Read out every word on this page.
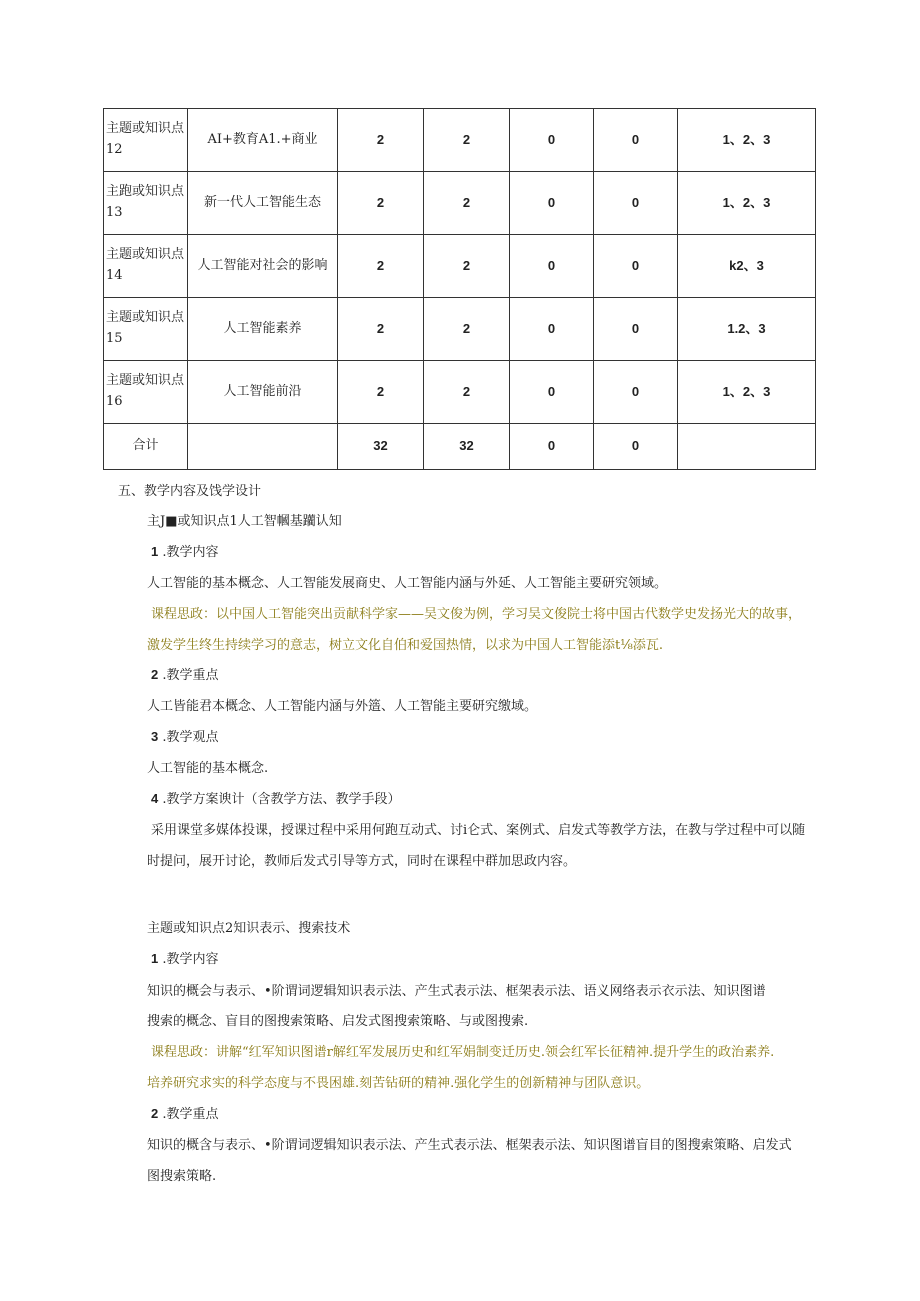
主题或知识点12	AI+教育A1.+商业	2	2	0	0	1、2、3
主跑或知识点13	新一代人工智能生态	2	2	0	0	1、2、3
主题或知识点14	人工智能对社会的影响	2	2	0	0	k2、3
主题或知识点15	人工智能素养	2	2	0	0	1.2、3
主题或知识点16	人工智能前沿	2	2	0	0	1、2、3
合计		32	32	0	0	
五、教学内容及饯学设计
主J■或知识点1人工智幗基躪认知
1 .教学内容
人工智能的基本概念、人工智能发展商史、人工智能内涵与外延、人工智能主要研究领域。
课程思政：以中国人工智能突出贡献科学家——吴文俊为例，学习吴文俊院士将中国古代数学史发扬光大的故事，
激发学生终生持续学习的意志，树立文化自伯和爱国热情，以求为中国人工智能添t⅛添瓦.
2 .教学重点
人工皆能君本概念、人工智能内涵与外簉、人工智能主要研究缴域。
3 .教学观点
人工智能的基本概念.
4 .教学方案谀计（含教学方法、教学手段）
采用课堂多媒体投课，授课过程中采用何跑互动式、讨i仑式、案例式、启发式等教学方法，在教与学过程中可以随
时提问，展开讨论，教师后发式引导等方式，同时在课程中群加思政内容。
主题或知识点2知识表示、搜索技术
1 .教学内容
知识的概会与表示、•阶谓词逻辑知识表示法、产生式表示法、框架表示法、语义网络表示衣示法、知识图谱
搜索的概念、盲目的图搜索策略、启发式图搜索策略、与或图搜索.
课程思政：讲解“红军知识图谱r解红军发展历史和红军娟制变迁历史.领会红军长征精神.提升学生的政治素养.
培养研究求实的科学态度与不畏困雄.刻苦钻研的精神.强化学生的创新精神与团队意识。
2 .教学重点
知识的概含与表示、•阶谓词逻辑知识表示法、产生式表示法、框架表示法、知识图谱盲目的图搜索策略、启发式
图搜索策略.
